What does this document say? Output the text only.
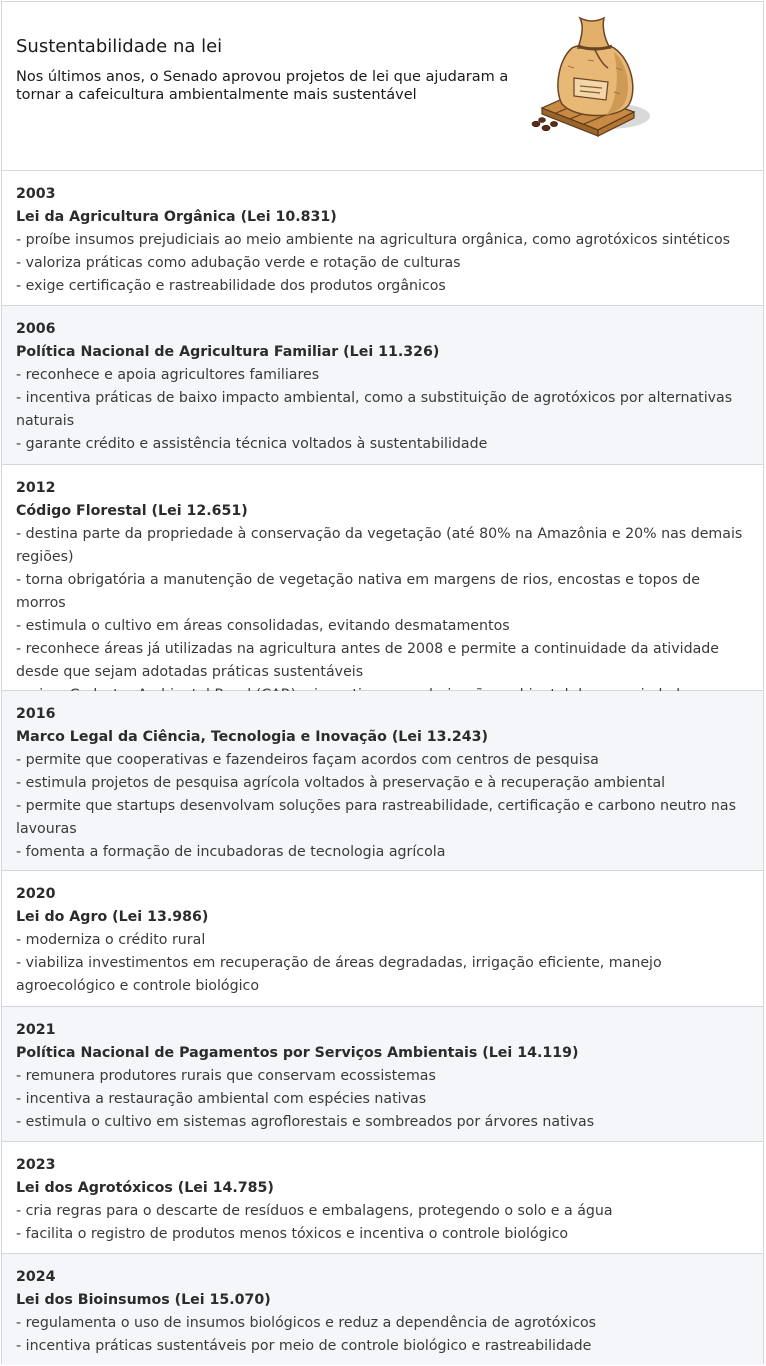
Sustentabilidade na lei
Nos últimos anos, o Senado aprovou projetos de lei que ajudaram a tornar a cafeicultura ambientalmente mais sustentável
2003
Lei da Agricultura Orgânica (Lei 10.831)
- proíbe insumos prejudiciais ao meio ambiente na agricultura orgânica, como agrotóxicos sintéticos
- valoriza práticas como adubação verde e rotação de culturas
- exige certificação e rastreabilidade dos produtos orgânicos
2006
Política Nacional de Agricultura Familiar (Lei 11.326)
- reconhece e apoia agricultores familiares
- incentiva práticas de baixo impacto ambiental, como a substituição de agrotóxicos por alternativas naturais
- garante crédito e assistência técnica voltados à sustentabilidade
2012
Código Florestal (Lei 12.651)
- destina parte da propriedade à conservação da vegetação (até 80% na Amazônia e 20% nas demais regiões)
- torna obrigatória a manutenção de vegetação nativa em margens de rios, encostas e topos de morros
- estimula o cultivo em áreas consolidadas, evitando desmatamentos
- reconhece áreas já utilizadas na agricultura antes de 2008 e permite a continuidade da atividade desde que sejam adotadas práticas sustentáveis
2016
Marco Legal da Ciência, Tecnologia e Inovação (Lei 13.243)
- permite que cooperativas e fazendeiros façam acordos com centros de pesquisa
- estimula projetos de pesquisa agrícola voltados à preservação e à recuperação ambiental
- permite que startups desenvolvam soluções para rastreabilidade, certificação e carbono neutro nas lavouras
- fomenta a formação de incubadoras de tecnologia agrícola
2020
Lei do Agro (Lei 13.986)
- moderniza o crédito rural
- viabiliza investimentos em recuperação de áreas degradadas, irrigação eficiente, manejo agroecológico e controle biológico
2021
Política Nacional de Pagamentos por Serviços Ambientais (Lei 14.119)
- remunera produtores rurais que conservam ecossistemas
- incentiva a restauração ambiental com espécies nativas
- estimula o cultivo em sistemas agroflorestais e sombreados por árvores nativas
2023
Lei dos Agrotóxicos (Lei 14.785)
- cria regras para o descarte de resíduos e embalagens, protegendo o solo e a água
- facilita o registro de produtos menos tóxicos e incentiva o controle biológico
2024
Lei dos Bioinsumos (Lei 15.070)
- regulamenta o uso de insumos biológicos e reduz a dependência de agrotóxicos
- incentiva práticas sustentáveis por meio de controle biológico e rastreabilidade
